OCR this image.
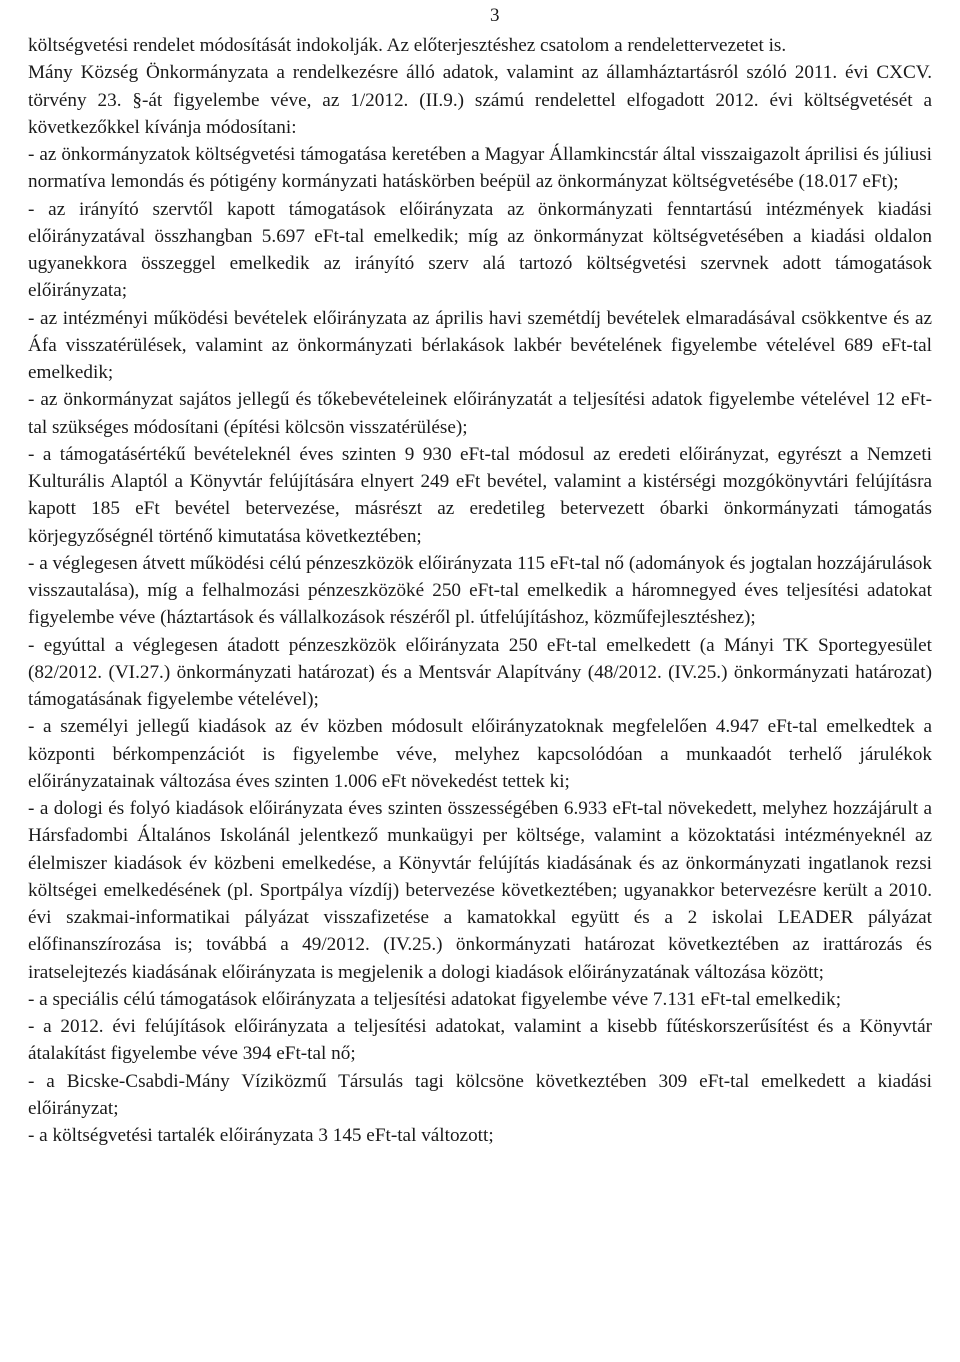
3

költségvetési rendelet módosítását indokolják. Az előterjesztéshez csatolom a rendelettervezetet is.

Mány Község Önkormányzata a rendelkezésre álló adatok, valamint az államháztartásról szóló 2011. évi CXCV. törvény 23. §-át figyelembe véve, az 1/2012. (II.9.) számú rendelettel elfogadott 2012. évi költségvetését a következőkkel kívánja módosítani:

- az önkormányzatok költségvetési támogatása keretében a Magyar Államkincstár által visszaigazolt áprilisi és júliusi normatíva lemondás és pótigény kormányzati hatáskörben beépül az önkormányzat költségvetésébe (18.017 eFt);

- az irányító szervtől kapott támogatások előirányzata az önkormányzati fenntartású intézmények kiadási előirányzatával összhangban 5.697 eFt-tal emelkedik; míg az önkormányzat költségvetésében a kiadási oldalon ugyanekkora összeggel emelkedik az irányító szerv alá tartozó költségvetési szervnek adott támogatások előirányzata;

- az intézményi működési bevételek előirányzata az április havi szemétdíj bevételek elmaradásával csökkentve és az Áfa visszatérülések, valamint az önkormányzati bérlakások lakbér bevételének figyelembe vételével 689 eFt-tal emelkedik;

- az önkormányzat sajátos jellegű és tőkebevételeinek előirányzatát a teljesítési adatok figyelembe vételével 12 eFt-tal szükséges módosítani (építési kölcsön visszatérülése);

- a támogatásértékű bevételeknél éves szinten 9 930 eFt-tal módosul az eredeti előirányzat, egyrészt a Nemzeti Kulturális Alaptól a Könyvtár felújítására elnyert 249 eFt bevétel, valamint a kistérségi mozgókönyvtári felújításra kapott 185 eFt bevétel betervezése, másrészt az eredetileg betervezett óbarki önkormányzati támogatás körjegyzőségnél történő kimutatása következtében;

- a véglegesen átvett működési célú pénzeszközök előirányzata 115 eFt-tal nő (adományok és jogtalan hozzájárulások visszautalása), míg a felhalmozási pénzeszközöké 250 eFt-tal emelkedik a háromnegyed éves teljesítési adatokat figyelembe véve (háztartások és vállalkozások részéről pl. útfelújításhoz, közműfejlesztéshez);

- egyúttal a véglegesen átadott pénzeszközök előirányzata 250 eFt-tal emelkedett (a Mányi TK Sportegyesület (82/2012. (VI.27.) önkormányzati határozat) és a Mentsvár Alapítvány (48/2012. (IV.25.) önkormányzati határozat) támogatásának figyelembe vételével);

- a személyi jellegű kiadások az év közben módosult előirányzatoknak megfelelően 4.947 eFt-tal emelkedtek a központi bérkompenzációt is figyelembe véve, melyhez kapcsolódóan a munkaadót terhelő járulékok előirányzatainak változása éves szinten 1.006 eFt növekedést tettek ki;

- a dologi és folyó kiadások előirányzata éves szinten összességében 6.933 eFt-tal növekedett, melyhez hozzájárult a Hársfadombi Általános Iskolánál jelentkező munkaügyi per költsége, valamint a közoktatási intézményeknél az élelmiszer kiadások év közbeni emelkedése, a Könyvtár felújítás kiadásának és az önkormányzati ingatlanok rezsi költségei emelkedésének (pl. Sportpálya vízdíj) betervezése következtében; ugyanakkor betervezésre került a 2010. évi szakmai-informatikai pályázat visszafizetése a kamatokkal együtt és a 2 iskolai LEADER pályázat előfinanszírozása is; továbbá a 49/2012. (IV.25.) önkormányzati határozat következtében az irattározás és iratselejtezés kiadásának előirányzata is megjelenik a dologi kiadások előirányzatának változása között;

- a speciális célú támogatások előirányzata a teljesítési adatokat figyelembe véve 7.131 eFt-tal emelkedik;

- a 2012. évi felújítások előirányzata a teljesítési adatokat, valamint a kisebb fűtéskorszerűsítést és a Könyvtár átalakítást figyelembe véve 394 eFt-tal nő;

- a Bicske-Csabdi-Mány Víziközmű Társulás tagi kölcsöne következtében 309 eFt-tal emelkedett a kiadási előirányzat;

- a költségvetési tartalék előirányzata 3 145 eFt-tal változott;
